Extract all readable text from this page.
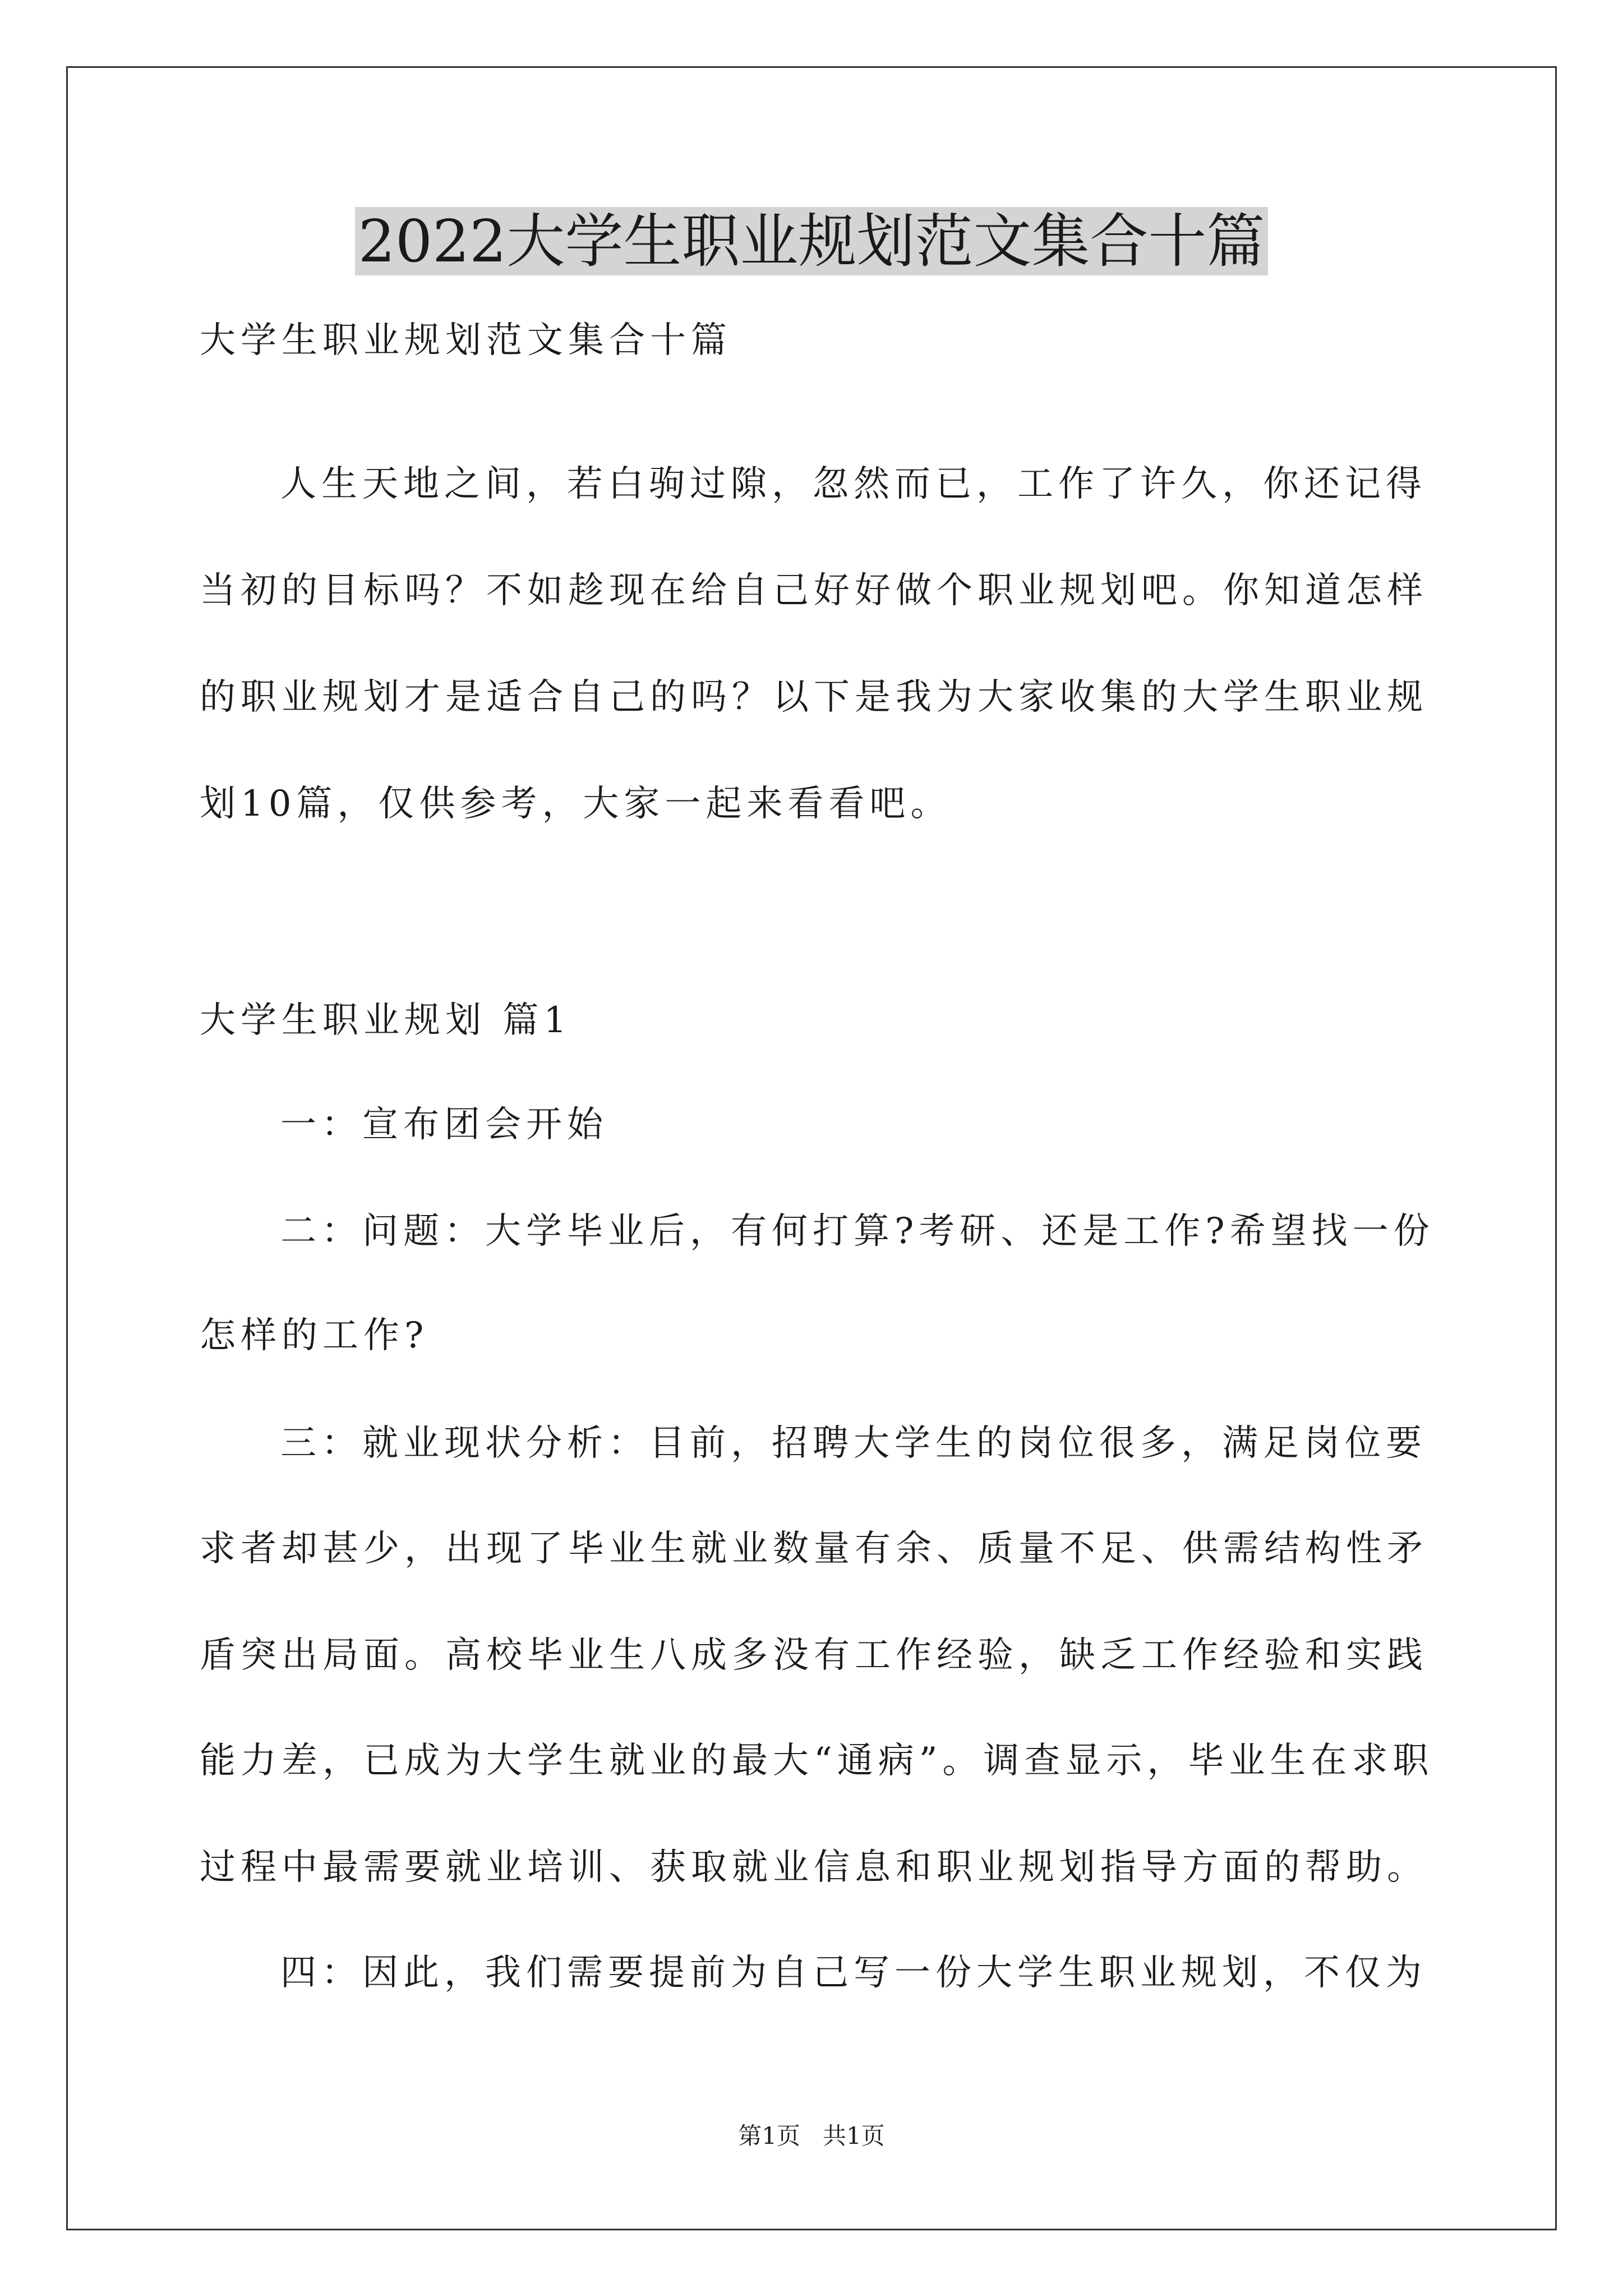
2022大学生职业规划范文集合十篇

大学生职业规划范文集合十篇

人生天地之间，若白驹过隙，忽然而已，工作了许久，你还记得

当初的目标吗？不如趁现在给自己好好做个职业规划吧。你知道怎样

的职业规划才是适合自己的吗？以下是我为大家收集的大学生职业规

划10篇，仅供参考，大家一起来看看吧。

大学生职业规划 篇1

一：宣布团会开始

二：问题：大学毕业后，有何打算?考研、还是工作?希望找一份

怎样的工作?

三：就业现状分析：目前，招聘大学生的岗位很多，满足岗位要

求者却甚少，出现了毕业生就业数量有余、质量不足、供需结构性矛

盾突出局面。高校毕业生八成多没有工作经验，缺乏工作经验和实践

能力差，已成为大学生就业的最大“通病”。调查显示，毕业生在求职

过程中最需要就业培训、获取就业信息和职业规划指导方面的帮助。

四：因此，我们需要提前为自己写一份大学生职业规划，不仅为

第1页   共1页
